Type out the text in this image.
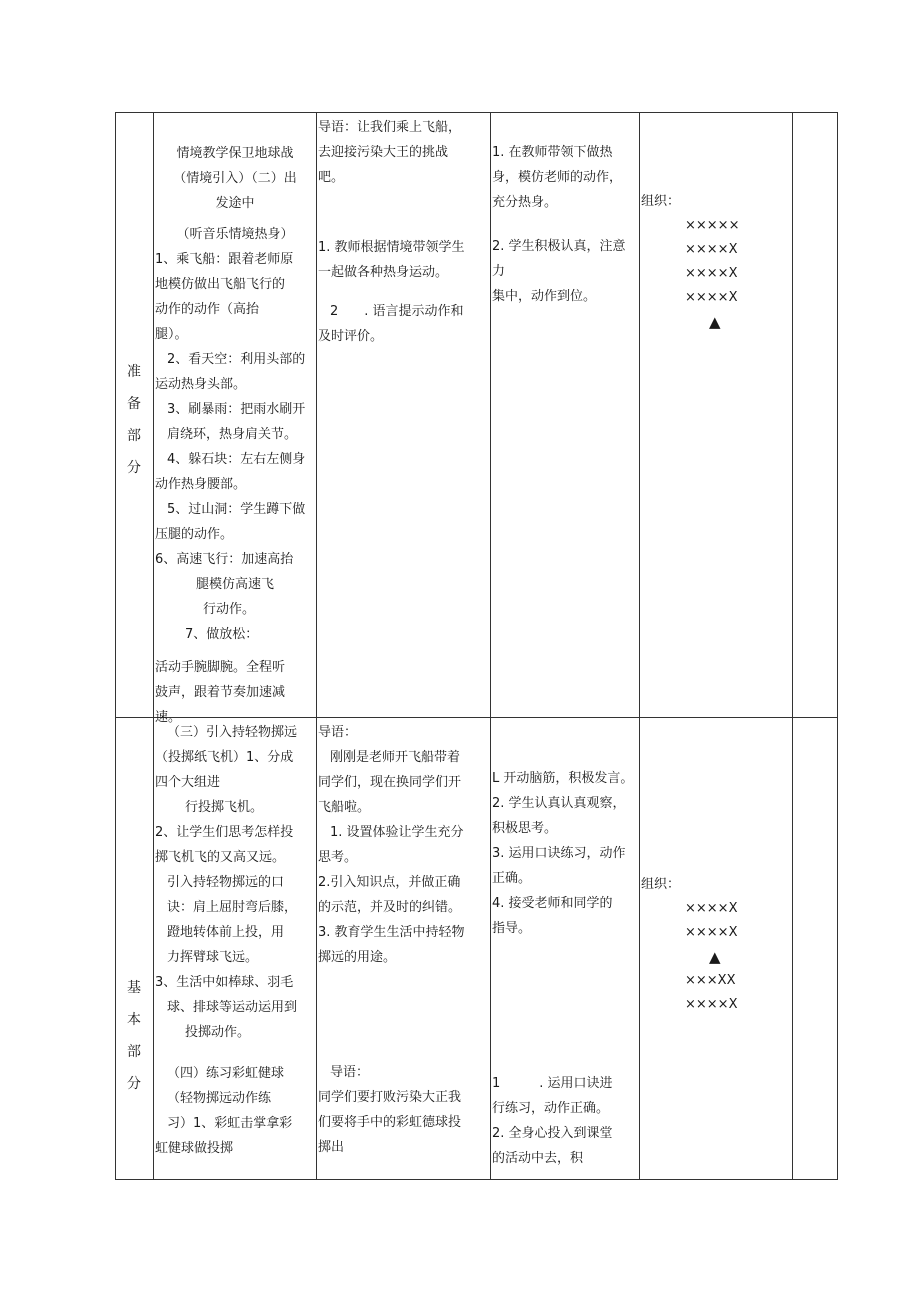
准
备
部
分
基
本
部
分

情境教学保卫地球战

（情境引入）（二）出

发途中

（听音乐情境热身）

1、乘飞船：跟着老师原

地模仿做出飞船飞行的

动作的动作（高抬

腿）。

2、看天空：利用头部的

运动热身头部。

3、刷暴雨：把雨水刷开

肩绕环，热身肩关节。

4、躲石块：左右左侧身

动作热身腰部。

5、过山洞：学生蹲下做

压腿的动作。

6、高速飞行：加速高抬

腿模仿高速飞

行动作。

7、做放松：

活动手腕脚腕。全程听

鼓声，跟着节奏加速减

速。

导语：让我们乘上飞船，

去迎接污染大王的挑战

吧。

1. 教师根据情境带领学生

一起做各种热身运动。

2　　. 语言提示动作和

及时评价。

1. 在教师带领下做热

身，模仿老师的动作，

充分热身。

2. 学生积极认真，注意

力

集中，动作到位。

组织：

×××××

××××X

××××X

××××X

▲

（三）引入持轻物掷远

（投掷纸飞机）1、分成

四个大组进

行投掷飞机。

2、让学生们思考怎样投

掷飞机飞的又高又远。

引入持轻物掷远的口

诀：肩上屈肘弯后膝，

蹬地转体前上投，用

力挥臂球飞远。

3、生活中如棒球、羽毛

球、排球等运动运用到

投掷动作。

（四）练习彩虹健球

（轻物掷远动作练

习）1、彩虹击掌拿彩

虹健球做投掷

导语：

刚刚是老师开飞船带着

同学们，现在换同学们开

飞船啦。

1. 设置体验让学生充分

思考。

2.引入知识点，并做正确

的示范，并及时的纠错。

3. 教育学生生活中持轻物

掷远的用途。

导语：

同学们要打败污染大正我

们要将手中的彩虹德球投

掷出

L 开动脑筋，积极发言。

2. 学生认真认真观察，

积极思考。

3. 运用口诀练习，动作

正确。

4. 接受老师和同学的

指导。

1　　　. 运用口诀进

行练习，动作正确。

2. 全身心投入到课堂

的活动中去，积

组织：

××××X

××××X

▲

×××XX

××××X
